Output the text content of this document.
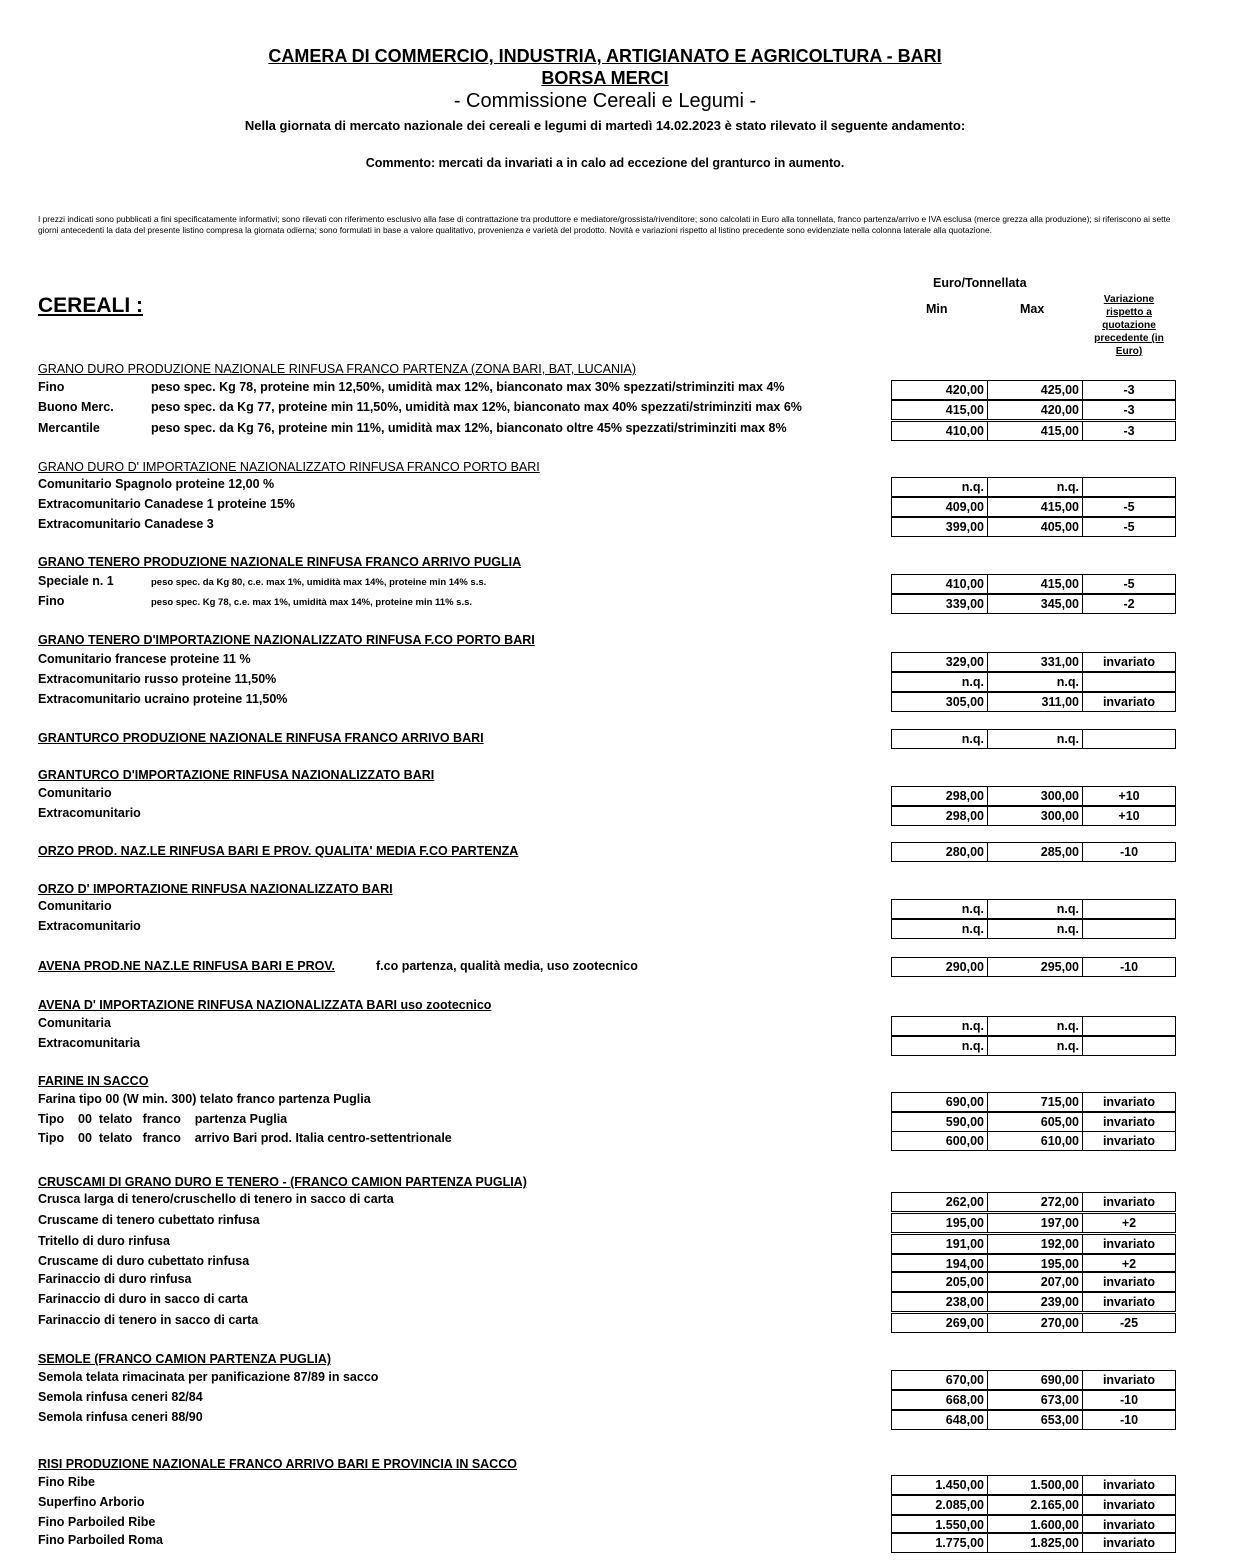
CAMERA DI COMMERCIO, INDUSTRIA, ARTIGIANATO E AGRICOLTURA - BARI
BORSA MERCI
- Commissione Cereali e Legumi -
Nella giornata di mercato nazionale dei cereali e legumi di martedì 14.02.2023 è stato rilevato il seguente andamento:
Commento: mercati da invariati a in calo ad eccezione del granturco in aumento.
I prezzi indicati sono pubblicati a fini specificatamente informativi; sono rilevati con riferimento esclusivo alla fase di contrattazione tra produttore e mediatore/grossista/rivenditore; sono calcolati in Euro alla tonnellata, franco partenza/arrivo e IVA esclusa (merce grezza alla produzione); si riferiscono ai sette giorni antecedenti la data del presente listino compresa la giornata odierna; sono formulati in base a valore qualitativo, provenienza e varietà del prodotto. Novità e variazioni rispetto al listino precedente sono evidenziate nella colonna laterale alla quotazione.
Euro/Tonnellata
CEREALI :	Min	Max
Variazione rispetto a quotazione precedente (in Euro)
GRANO DURO PRODUZIONE NAZIONALE RINFUSA FRANCO PARTENZA (ZONA BARI, BAT, LUCANIA)
Fino	peso spec. Kg 78, proteine min 12,50%, umidità max 12%, bianconato max 30% spezzati/striminziti max 4%	420,00	425,00	-3
Buono Merc.	peso spec. da Kg 77, proteine min 11,50%, umidità max 12%, bianconato max 40% spezzati/striminziti max 6%	415,00	420,00	-3
Mercantile	peso spec. da Kg 76, proteine min 11%, umidità max 12%, bianconato oltre 45% spezzati/striminziti max 8%	410,00	415,00	-3
GRANO DURO D' IMPORTAZIONE NAZIONALIZZATO RINFUSA FRANCO PORTO BARI
Comunitario Spagnolo proteine 12,00 %	n.q.	n.q.
Extracomunitario Canadese 1 proteine 15%	409,00	415,00	-5
Extracomunitario Canadese 3	399,00	405,00	-5
GRANO TENERO PRODUZIONE NAZIONALE RINFUSA FRANCO ARRIVO PUGLIA
Speciale n. 1	peso spec. da Kg 80, c.e. max 1%, umidità max 14%, proteine min 14% s.s.	410,00	415,00	-5
Fino	peso spec. Kg 78, c.e. max 1%, umidità max 14%, proteine min 11% s.s.	339,00	345,00	-2
GRANO TENERO D'IMPORTAZIONE NAZIONALIZZATO RINFUSA F.CO PORTO BARI
Comunitario francese proteine 11 %	329,00	331,00	invariato
Extracomunitario russo proteine 11,50%	n.q.	n.q.
Extracomunitario ucraino proteine 11,50%	305,00	311,00	invariato
GRANTURCO PRODUZIONE NAZIONALE RINFUSA FRANCO ARRIVO BARI	n.q.	n.q.
GRANTURCO D'IMPORTAZIONE RINFUSA NAZIONALIZZATO BARI
Comunitario	298,00	300,00	+10
Extracomunitario	298,00	300,00	+10
ORZO PROD. NAZ.LE RINFUSA BARI E PROV. QUALITA' MEDIA F.CO PARTENZA	280,00	285,00	-10
ORZO D' IMPORTAZIONE RINFUSA NAZIONALIZZATO BARI
Comunitario	n.q.	n.q.
Extracomunitario	n.q.	n.q.
AVENA PROD.NE NAZ.LE RINFUSA BARI E PROV.	f.co partenza, qualità media, uso zootecnico	290,00	295,00	-10
AVENA D' IMPORTAZIONE RINFUSA NAZIONALIZZATA BARI uso zootecnico
Comunitaria	n.q.	n.q.
Extracomunitaria	n.q.	n.q.
FARINE IN SACCO
Farina tipo 00 (W min. 300) telato franco partenza Puglia	690,00	715,00	invariato
Tipo    00  telato   franco    partenza Puglia	590,00	605,00	invariato
Tipo    00  telato   franco    arrivo Bari prod. Italia centro-settentrionale	600,00	610,00	invariato
CRUSCAMI DI GRANO DURO E TENERO - (FRANCO CAMION PARTENZA PUGLIA)
Crusca larga di tenero/cruschello di tenero in sacco di carta	262,00	272,00	invariato
Cruscame di tenero cubettato rinfusa	195,00	197,00	+2
Tritello di duro rinfusa	191,00	192,00	invariato
Cruscame di duro cubettato rinfusa	194,00	195,00	+2
Farinaccio di duro rinfusa	205,00	207,00	invariato
Farinaccio di duro in sacco di carta	238,00	239,00	invariato
Farinaccio di tenero in sacco di carta	269,00	270,00	-25
SEMOLE (FRANCO CAMION PARTENZA PUGLIA)
Semola telata rimacinata per panificazione 87/89 in sacco	670,00	690,00	invariato
Semola rinfusa ceneri 82/84	668,00	673,00	-10
Semola rinfusa ceneri 88/90	648,00	653,00	-10
RISI PRODUZIONE NAZIONALE FRANCO ARRIVO BARI E PROVINCIA IN SACCO
Fino Ribe	1.450,00	1.500,00	invariato
Superfino Arborio	2.085,00	2.165,00	invariato
Fino Parboiled Ribe	1.550,00	1.600,00	invariato
Fino Parboiled Roma	1.775,00	1.825,00	invariato
